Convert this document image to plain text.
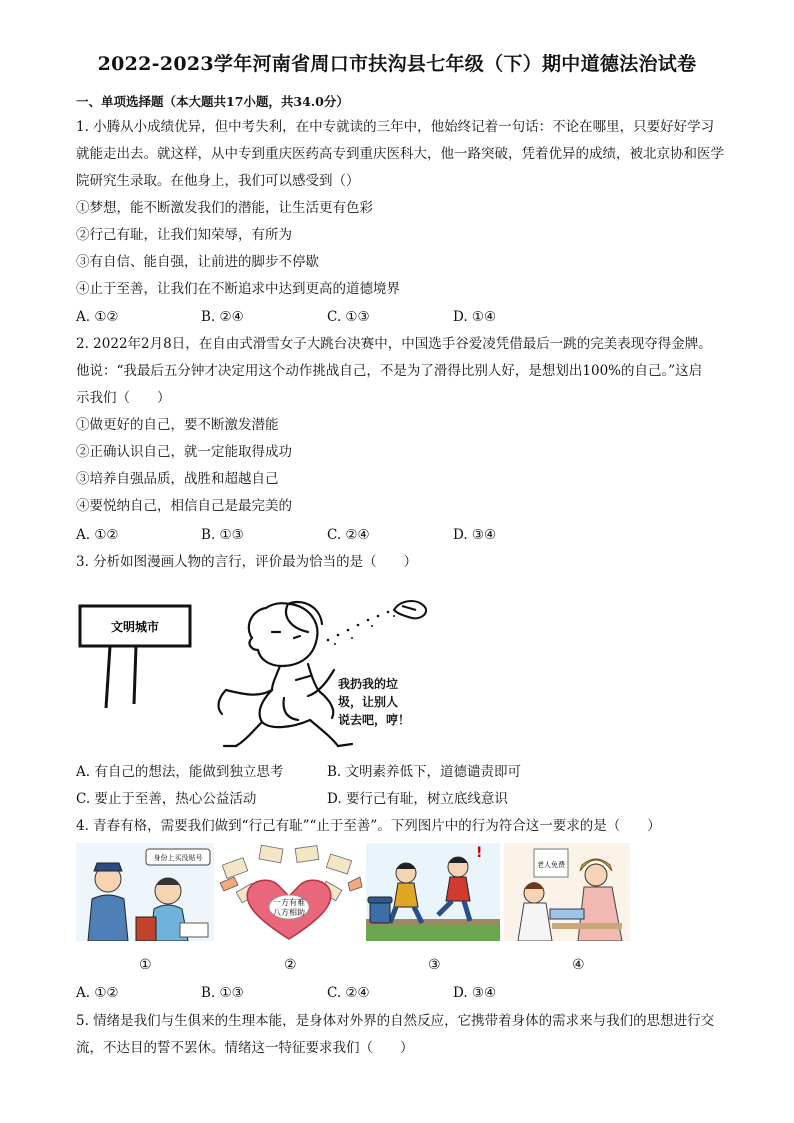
2022-2023学年河南省周口市扶沟县七年级（下）期中道德法治试卷
一、单项选择题（本大题共17小题，共34.0分）
1. 小腾从小成绩优异，但中考失利，在中专就读的三年中，他始终记着一句话：不论在哪里，只要好好学习
就能走出去。就这样，从中专到重庆医药高专到重庆医科大，他一路突破，凭着优异的成绩，被北京协和医学
院研究生录取。在他身上，我们可以感受到（）
①梦想，能不断激发我们的潜能，让生活更有色彩
②行己有耻，让我们知荣辱，有所为
③有自信、能自强，让前进的脚步不停歇
④止于至善，让我们在不断追求中达到更高的道德境界
A. ①②	B. ②④	C. ①③	D. ①④
2. 2022年2月8日，在自由式滑雪女子大跳台决赛中，中国选手谷爱凌凭借最后一跳的完美表现夺得金牌。
他说：“我最后五分钟才决定用这个动作挑战自己，不是为了滑得比别人好，是想划出100%的自己。”这启
示我们（　　）
①做更好的自己，要不断激发潜能
②正确认识自己，就一定能取得成功
③培养自强品质，战胜和超越自己
④要悦纳自己，相信自己是最完美的
A. ①②	B. ①③	C. ②④	D. ③④
3. 分析如图漫画人物的言行，评价最为恰当的是（　　）
文明城市
我扔我的垃
圾，让别人
说去吧，哼！
A. 有自己的想法，能做到独立思考	B. 文明素养低下，道德谴责即可
C. 要止于至善，热心公益活动	D. 要行己有耻，树立底线意识
4. 青春有格，需要我们做到“行己有耻”“止于至善”。下列图片中的行为符合这一要求的是（　　）
身份上买没贴号
一方有难
八方相助
!
老人免费
①	②	③	④
A. ①②	B. ①③	C. ②④	D. ③④
5. 情绪是我们与生俱来的生理本能，是身体对外界的自然反应，它携带着身体的需求来与我们的思想进行交
流，不达目的誓不罢休。情绪这一特征要求我们（　　）
